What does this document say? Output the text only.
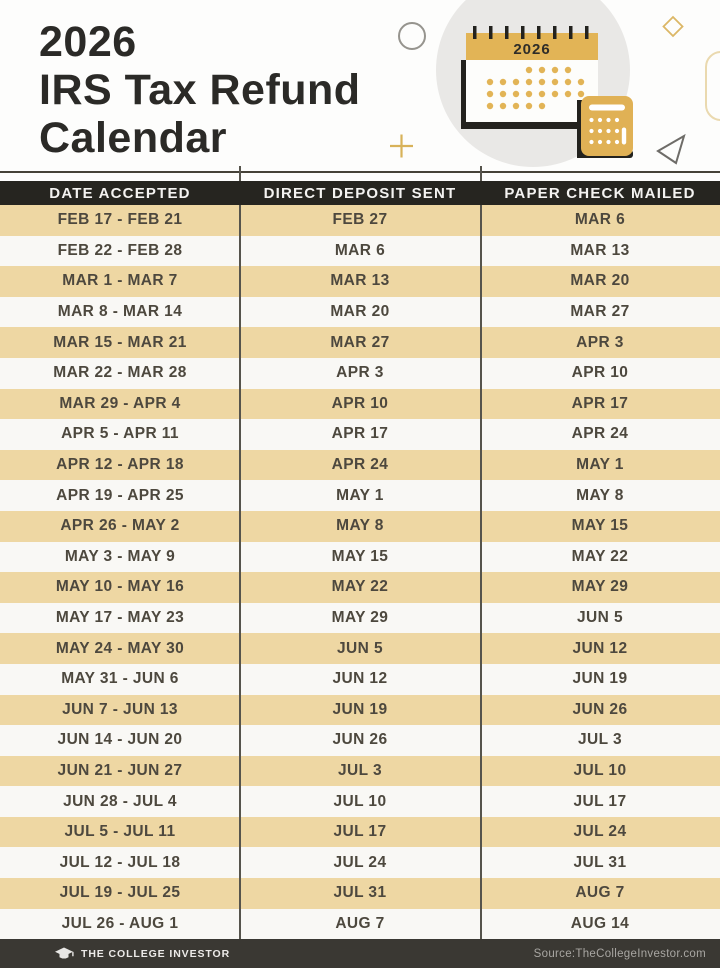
2026
2026
IRS Tax Refund
Calendar
DATE ACCEPTED	DIRECT DEPOSIT SENT	PAPER CHECK MAILED
FEB 17 - FEB 21	FEB 27	MAR 6
FEB 22 - FEB 28	MAR 6	MAR 13
MAR 1 - MAR 7	MAR 13	MAR 20
MAR 8 - MAR 14	MAR 20	MAR 27
MAR 15 - MAR 21	MAR 27	APR 3
MAR 22 - MAR 28	APR 3	APR 10
MAR 29 - APR 4	APR 10	APR 17
APR 5 - APR 11	APR 17	APR 24
APR 12 - APR 18	APR 24	MAY 1
APR 19 - APR 25	MAY 1	MAY 8
APR 26 - MAY 2	MAY 8	MAY 15
MAY 3 - MAY 9	MAY 15	MAY 22
MAY 10 - MAY 16	MAY 22	MAY 29
MAY 17 - MAY 23	MAY 29	JUN 5
MAY 24 - MAY 30	JUN 5	JUN 12
MAY 31 - JUN 6	JUN 12	JUN 19
JUN 7 - JUN 13	JUN 19	JUN 26
JUN 14 - JUN 20	JUN 26	JUL 3
JUN 21 - JUN 27	JUL 3	JUL 10
JUN 28 - JUL 4	JUL 10	JUL 17
JUL 5 - JUL 11	JUL 17	JUL 24
JUL 12 - JUL 18	JUL 24	JUL 31
JUL 19 - JUL 25	JUL 31	AUG 7
JUL 26 - AUG 1	AUG 7	AUG 14
THE COLLEGE INVESTOR	Source:TheCollegeInvestor.com
